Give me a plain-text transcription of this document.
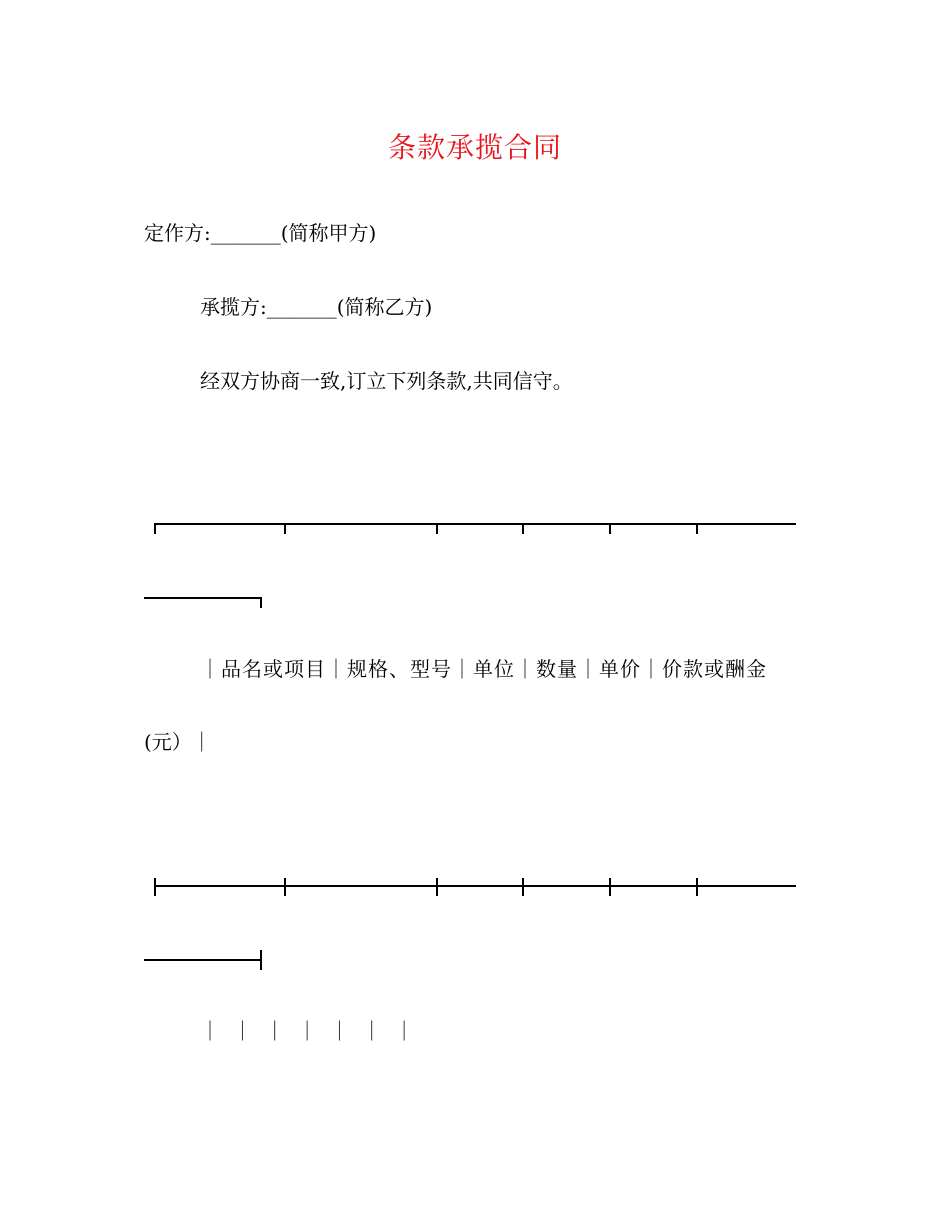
条款承揽合同
定作方:_______(简称甲方)
承揽方:_______(简称乙方)
经双方协商一致,订立下列条款,共同信守。
｜品名或项目｜规格、型号｜单位｜数量｜单价｜价款或酬金
(元）｜
｜ ｜ ｜ ｜ ｜ ｜ ｜
